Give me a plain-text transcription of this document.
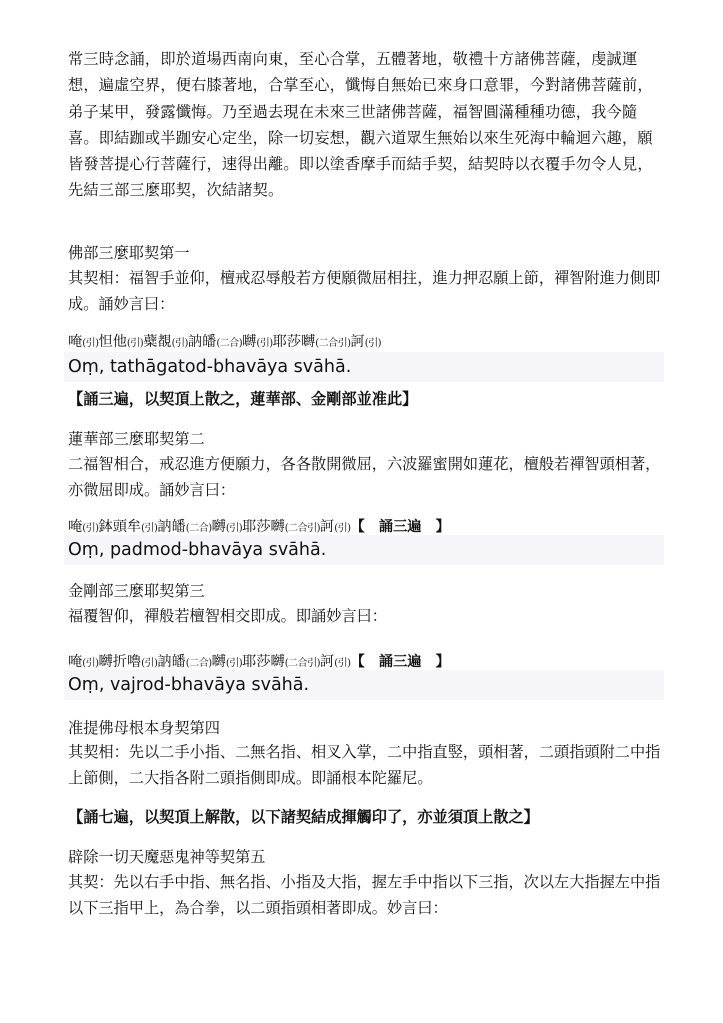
常三時念誦，即於道場西南向東，至心合掌，五體著地，敬禮十方諸佛菩薩，虔誠運想，遍虛空界，便右膝著地，合掌至心，懺悔自無始已來身口意罪，今對諸佛菩薩前，弟子某甲，發露懺悔。乃至過去現在未來三世諸佛菩薩，福智圓滿種種功德，我今隨喜。即結跏或半跏安心定坐，除一切妄想，觀六道眾生無始以來生死海中輪迴六趣，願皆發菩提心行菩薩行，速得出離。即以塗香摩手而結手契，結契時以衣覆手勿令人見，先結三部三麼耶契，次結諸契。
佛部三麼耶契第一
其契相：福智手並仰，檀戒忍辱般若方便願微屈相拄，進力押忍願上節，禪智附進力側即成。誦妙言曰：
唵(引)怛他(引)蘗覩(引)訥皤(二合)嚩(引)耶莎嚩(二合引)訶(引)
Oṃ, tathāgatod-bhavāya svāhā.
【誦三遍，以契頂上散之，蓮華部、金剛部並准此】
蓮華部三麼耶契第二
二福智相合，戒忍進方便願力，各各散開微屈，六波羅蜜開如蓮花，檀般若禪智頭相著，亦微屈即成。誦妙言曰：
唵(引)鉢頭牟(引)訥皤(二合)嚩(引)耶莎嚩(二合引)訶(引)【　誦三遍　】
Oṃ, padmod-bhavāya svāhā.
金剛部三麼耶契第三
福覆智仰，禪般若檀智相交即成。即誦妙言曰：
唵(引)嚩折嚕(引)訥皤(二合)嚩(引)耶莎嚩(二合引)訶(引)【　誦三遍　】
Oṃ, vajrod-bhavāya svāhā.
准提佛母根本身契第四
其契相：先以二手小指、二無名指、相叉入掌，二中指直竪，頭相著，二頭指頭附二中指上節側，二大指各附二頭指側即成。即誦根本陀羅尼。
【誦七遍，以契頂上解散，以下諸契結成揮觸印了，亦並須頂上散之】
辟除一切天魔惡鬼神等契第五
其契：先以右手中指、無名指、小指及大指，握左手中指以下三指，次以左大指握左中指以下三指甲上，為合拳，以二頭指頭相著即成。妙言曰：
